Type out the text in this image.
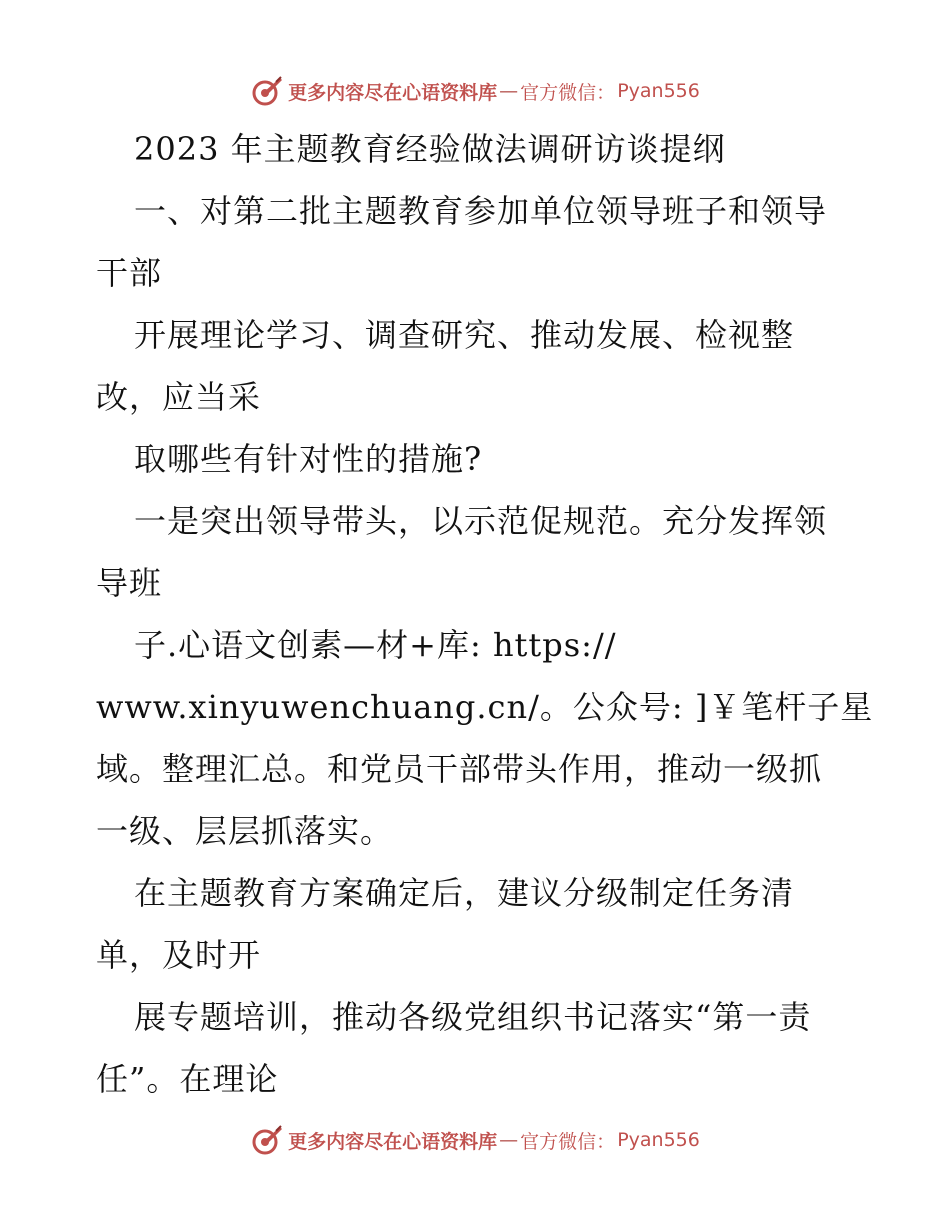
更多内容尽在心语资料库 — 官方微信： Pyan556
2023 年主题教育经验做法调研访谈提纲
一、对第二批主题教育参加单位领导班子和领导
干部
开展理论学习、调查研究、推动发展、检视整
改，应当采
取哪些有针对性的措施?
一是突出领导带头，以示范促规范。充分发挥领
导班
子.心语文创素—材+库: https://
www.xinyuwenchuang.cn/。公众号: ]￥笔杆子星
域。整理汇总。和党员干部带头作用，推动一级抓
一级、层层抓落实。
在主题教育方案确定后，建议分级制定任务清
单，及时开
展专题培训，推动各级党组织书记落实“第一责
任”。在理论
更多内容尽在心语资料库 — 官方微信： Pyan556
